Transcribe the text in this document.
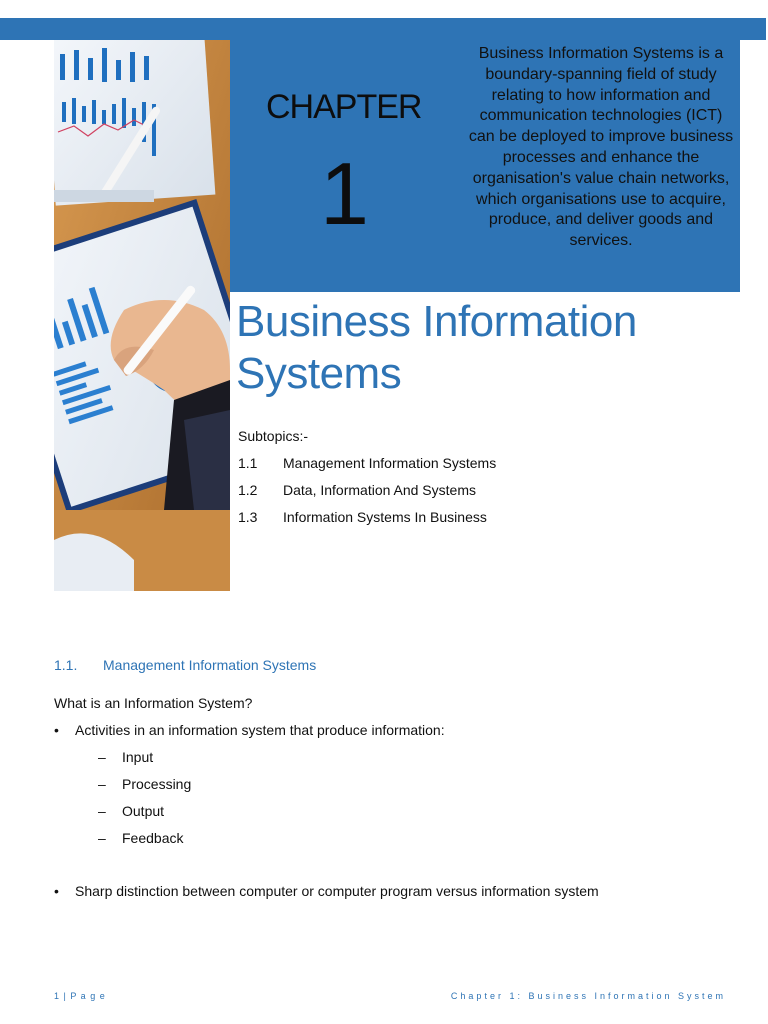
CHAPTER
1
Business Information Systems is a boundary-spanning field of study relating to how information and communication technologies (ICT) can be deployed to improve business processes and enhance the organisation's value chain networks, which organisations use to acquire, produce, and deliver goods and services.
Business Information Systems
Subtopics:-
1.1 Management Information Systems
1.2 Data, Information And Systems
1.3 Information Systems In Business
1.1. Management Information Systems
What is an Information System?
• Activities in an information system that produce information:
– Input
– Processing
– Output
– Feedback
• Sharp distinction between computer or computer program versus information system
1 | P a g e	Chapter 1: Business Information System
